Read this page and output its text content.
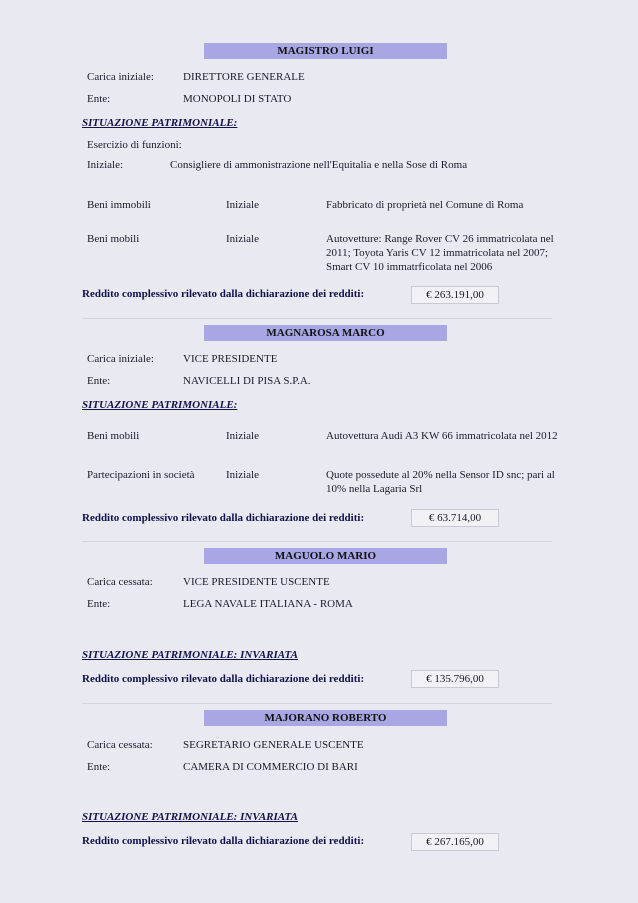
MAGISTRO LUIGI
Carica iniziale:	DIRETTORE GENERALE
Ente:	MONOPOLI DI STATO
SITUAZIONE PATRIMONIALE:
Esercizio di funzioni:
Iniziale:	Consigliere di ammonistrazione nell'Equitalia e nella Sose di Roma
Beni immobili	Iniziale	Fabbricato di proprietà nel Comune di Roma
Beni mobili	Iniziale	Autovetture: Range Rover CV 26 immatricolata nel 2011; Toyota Yaris CV 12 immatricolata nel 2007; Smart CV 10 immatrficolata nel 2006
Reddito complessivo rilevato dalla dichiarazione dei redditi:	€ 263.191,00
MAGNAROSA MARCO
Carica iniziale:	VICE PRESIDENTE
Ente:	NAVICELLI DI PISA S.P.A.
SITUAZIONE PATRIMONIALE:
Beni mobili	Iniziale	Autovettura Audi A3 KW 66 immatricolata nel 2012
Partecipazioni in società	Iniziale	Quote possedute al 20% nella Sensor ID snc; pari al 10% nella Lagaria Srl
Reddito complessivo rilevato dalla dichiarazione dei redditi:	€ 63.714,00
MAGUOLO MARIO
Carica cessata:	VICE PRESIDENTE USCENTE
Ente:	LEGA NAVALE ITALIANA - ROMA
SITUAZIONE PATRIMONIALE: INVARIATA
Reddito complessivo rilevato dalla dichiarazione dei redditi:	€ 135.796,00
MAJORANO ROBERTO
Carica cessata:	SEGRETARIO GENERALE USCENTE
Ente:	CAMERA DI COMMERCIO DI BARI
SITUAZIONE PATRIMONIALE: INVARIATA
Reddito complessivo rilevato dalla dichiarazione dei redditi:	€ 267.165,00
